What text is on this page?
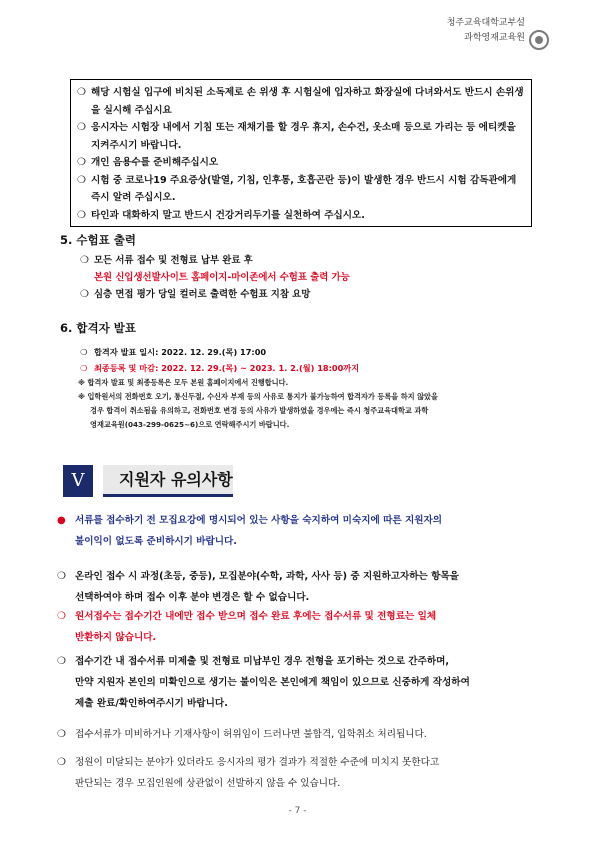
청주교육대학교부설
과학영재교육원
❍ 해당 시험실 입구에 비치된 소독제로 손 위생 후 시험실에 입자하고 화장실에 다녀와서도 반드시 손위생을 실시해 주십시요
❍ 응시자는 시험장 내에서 기침 또는 재채기를 할 경우 휴지, 손수건, 옷소매 등으로 가리는 등 에티켓을 지켜주시기 바랍니다.
❍ 개인 음용수를 준비해주십시오
❍ 시험 중 코로나19 주요증상(발열, 기침, 인후통, 호흡곤란 등)이 발생한 경우 반드시 시험 감독관에게 즉시 알려 주십시오.
❍ 타인과 대화하지 말고 반드시 건강거리두기를 실천하여 주십시오.
5. 수험표 출력
❍ 모든 서류 접수 및 전형료 납부 완료 후
본원 신입생선발사이트 홈페이지-마이존에서 수험표 출력 가능
❍ 심층 면접 평가 당일 컬러로 출력한 수험표 지참 요망
6. 합격자 발표
❍ 합격자 발표 일시: 2022. 12. 29.(목) 17:00
❍ 최종등록 및 마감: 2022. 12. 29.(목) ~ 2023. 1. 2.(월) 18:00까지
※ 합격자 발표 및 최종등록은 모두 본원 홈페이지에서 진행합니다.
※ 입학원서의 전화번호 오기, 통신두절, 수신자 부재 등의 사유로 통지가 불가능하여 합격자가 등록을 하지 않았을
경우 합격이 취소됨을 유의하고, 전화번호 변경 등의 사유가 발생하였을 경우에는 즉시 청주교육대학교 과학
영재교육원(043-299-0625~6)으로 연락해주시기 바랍니다.
V	지원자 유의사항
● 서류를 접수하기 전 모집요강에 명시되어 있는 사항을 숙지하여 미숙지에 따른 지원자의
불이익이 없도록 준비하시기 바랍니다.
❍ 온라인 접수 시 과정(초등, 중등), 모집분야(수학, 과학, 사사 등) 중 지원하고자하는 항목을
선택하여야 하며 접수 이후 분야 변경은 할 수 없습니다.
❍ 원서접수는 접수기간 내에만 접수 받으며 접수 완료 후에는 접수서류 및 전형료는 일체
반환하지 않습니다.
❍ 접수기간 내 접수서류 미제출 및 전형료 미납부인 경우 전형을 포기하는 것으로 간주하며,
만약 지원자 본인의 미확인으로 생기는 불이익은 본인에게 책임이 있으므로 신중하게 작성하여
제출 완료/확인하여주시기 바랍니다.
❍ 접수서류가 미비하거나 기재사항이 허위임이 드러나면 불합격, 입학취소 처리됩니다.
❍ 정원이 미달되는 분야가 있더라도 응시자의 평가 결과가 적절한 수준에 미치지 못한다고
판단되는 경우 모집인원에 상관없이 선발하지 않을 수 있습니다.
- 7 -
